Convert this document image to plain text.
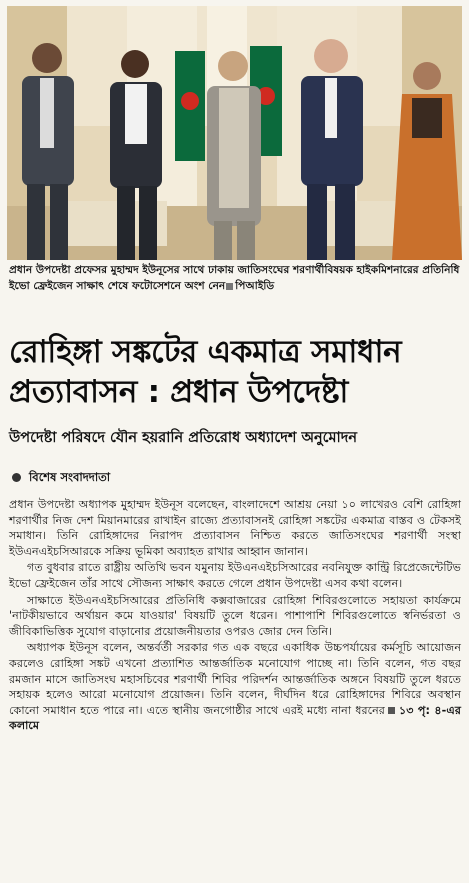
প্রধান উপদেষ্টা প্রফেসর মুহাম্মদ ইউনূসের সাথে ঢাকায় জাতিসংঘের শরণার্থীবিষয়ক হাইকমিশনারের প্রতিনিধি ইভো ফ্রেইজেন সাক্ষাৎ শেষে ফটোসেশনে অংশ নেন পিআইডি
রোহিঙ্গা সঙ্কটের একমাত্র সমাধান
প্রত্যাবাসন : প্রধান উপদেষ্টা
উপদেষ্টা পরিষদে যৌন হয়রানি প্রতিরোধ অধ্যাদেশ অনুমোদন
বিশেষ সংবাদদাতা

প্রধান উপদেষ্টা অধ্যাপক মুহাম্মদ ইউনূস বলেছেন, বাংলাদেশে আশ্রয় নেয়া ১০ লাখেরও বেশি রোহিঙ্গা শরণার্থীর নিজ দেশ মিয়ানমারের রাখাইন রাজ্যে প্রত্যাবাসনই রোহিঙ্গা সঙ্কটের একমাত্র বাস্তব ও টেকসই সমাধান। তিনি রোহিঙ্গাদের নিরাপদ প্রত্যাবাসন নিশ্চিত করতে জাতিসংঘের শরণার্থী সংস্থা ইউএনএইচসিআরকে সক্রিয় ভূমিকা অব্যাহত রাখার আহ্বান জানান।

গত বুধবার রাতে রাষ্ট্রীয় অতিথি ভবন যমুনায় ইউএনএইচসিআরের নবনিযুক্ত কান্ট্রি রিপ্রেজেন্টেটিভ ইভো ফ্রেইজেন তাঁর সাথে সৌজন্য সাক্ষাৎ করতে গেলে প্রধান উপদেষ্টা এসব কথা বলেন।

সাক্ষাতে ইউএনএইচসিআরের প্রতিনিধি কক্সবাজারের রোহিঙ্গা শিবিরগুলোতে সহায়তা কার্যক্রমে 'নাটকীয়ভাবে অর্থায়ন কমে যাওয়ার' বিষয়টি তুলে ধরেন। পাশাপাশি শিবিরগুলোতে স্বনির্ভরতা ও জীবিকাভিত্তিক সুযোগ বাড়ানোর প্রয়োজনীয়তার ওপরও জোর দেন তিনি।

অধ্যাপক ইউনূস বলেন, অন্তর্বর্তী সরকার গত এক বছরে একাধিক উচ্চপর্যায়ের কর্মসূচি আয়োজন করলেও রোহিঙ্গা সঙ্কট এখনো প্রত্যাশিত আন্তর্জাতিক মনোযোগ পাচ্ছে না। তিনি বলেন, গত বছর রমজান মাসে জাতিসংঘ মহাসচিবের শরণার্থী শিবির পরিদর্শন আন্তর্জাতিক অঙ্গনে বিষয়টি তুলে ধরতে সহায়ক হলেও আরো মনোযোগ প্রয়োজন। তিনি বলেন, দীর্ঘদিন ধরে রোহিঙ্গাদের শিবিরে অবস্থান কোনো সমাধান হতে পারে না। এতে স্থানীয় জনগোষ্ঠীর সাথে এরই মধ্যে নানা ধরনের ১৩ পৃ: ৪-এর কলামে
